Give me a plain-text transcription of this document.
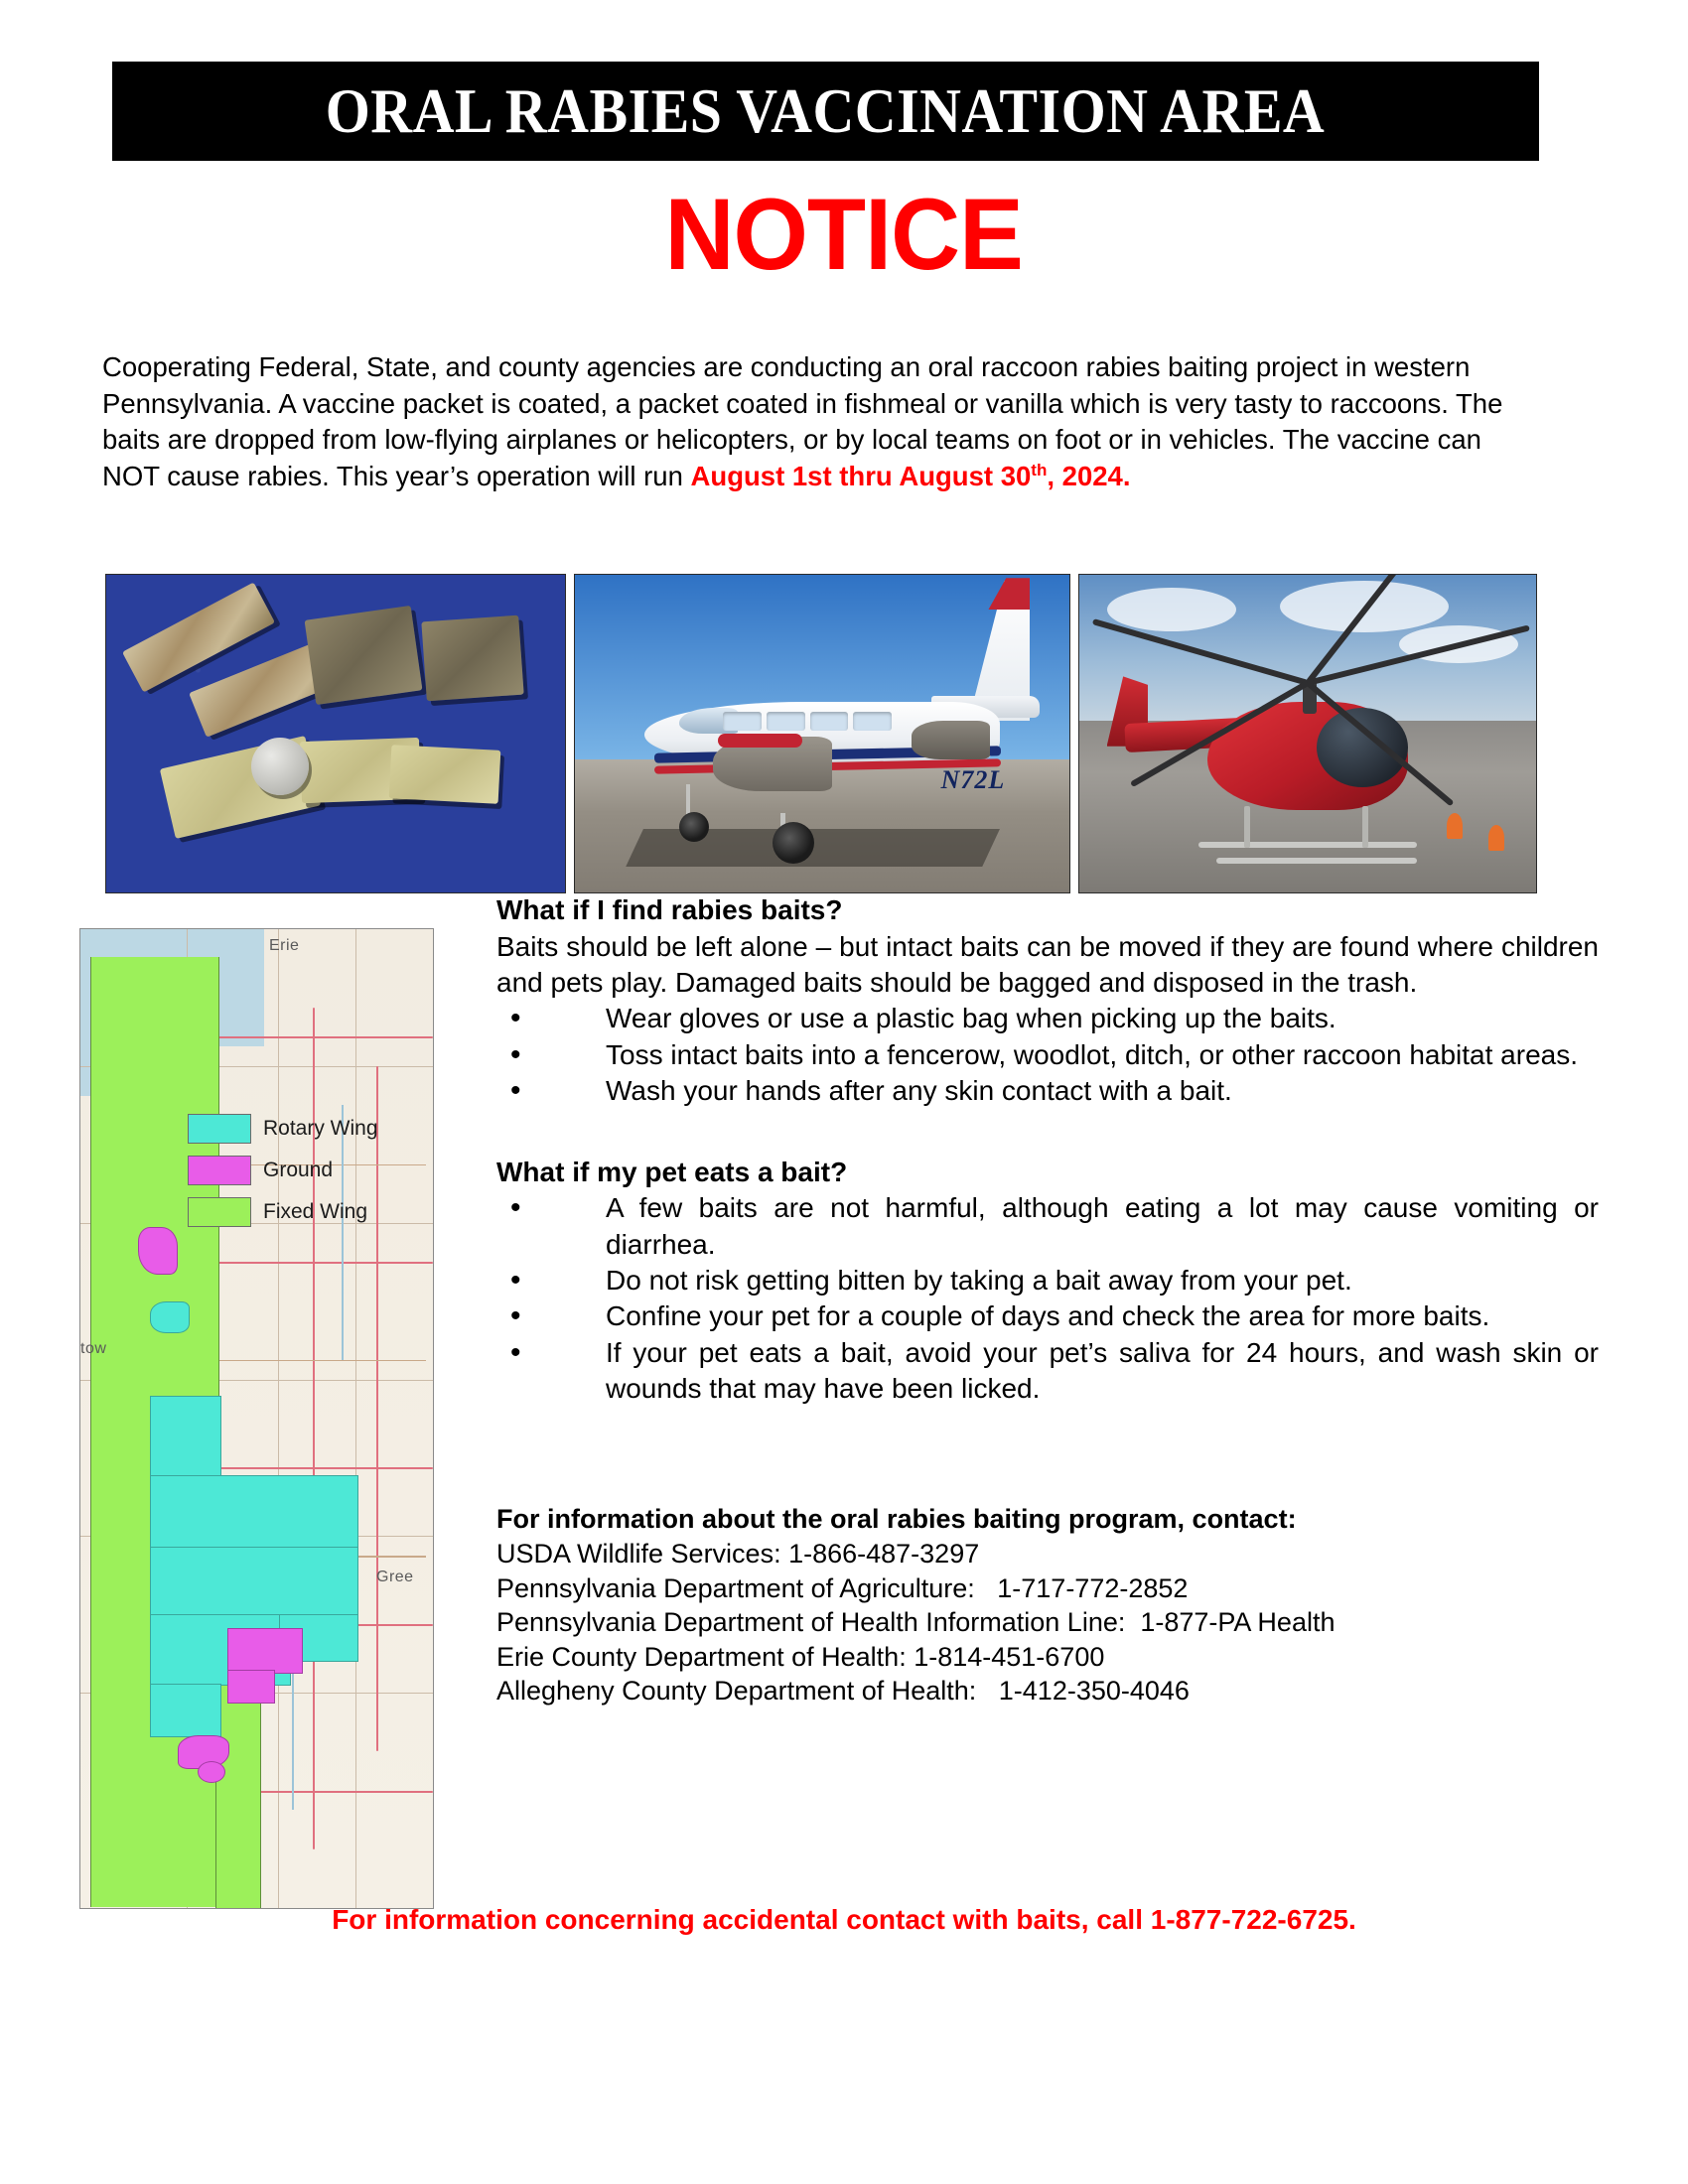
ORAL RABIES VACCINATION AREA
NOTICE
Cooperating Federal, State, and county agencies are conducting an oral raccoon rabies baiting project in western Pennsylvania. A vaccine packet is coated, a packet coated in fishmeal or vanilla which is very tasty to raccoons. The baits are dropped from low-flying airplanes or helicopters, or by local teams on foot or in vehicles. The vaccine can NOT cause rabies. This year’s operation will run August 1st thru August 30th, 2024.
N72L
Erie
tow
Gree
Rotary Wing
Ground
Fixed Wing
What if I find rabies baits?

Baits should be left alone – but intact baits can be moved if they are found where children and pets play. Damaged baits should be bagged and disposed in the trash.

• Wear gloves or use a plastic bag when picking up the baits.
• Toss intact baits into a fencerow, woodlot, ditch, or other raccoon habitat areas.
• Wash your hands after any skin contact with a bait.
What if my pet eats a bait?
• A few baits are not harmful, although eating a lot may cause vomiting or diarrhea.
• Do not risk getting bitten by taking a bait away from your pet.
• Confine your pet for a couple of days and check the area for more baits.
• If your pet eats a bait, avoid your pet’s saliva for 24 hours, and wash skin or wounds that may have been licked.
For information about the oral rabies baiting program, contact:
USDA Wildlife Services: 1-866-487-3297
Pennsylvania Department of Agriculture:   1-717-772-2852
Pennsylvania Department of Health Information Line:  1-877-PA Health
Erie County Department of Health: 1-814-451-6700
Allegheny County Department of Health:   1-412-350-4046
For information concerning accidental contact with baits, call 1-877-722-6725.
